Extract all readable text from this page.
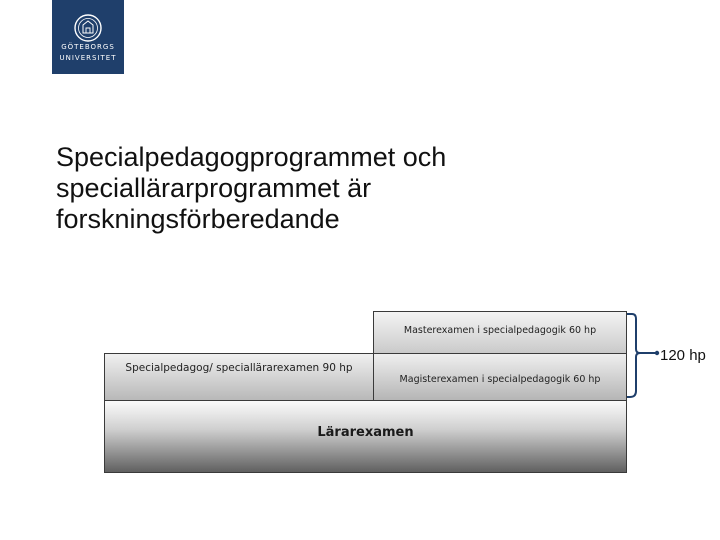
GÖTEBORGS
UNIVERSITET
Specialpedagogprogrammet och
speciallärarprogrammet är
forskningsförberedande
Masterexamen i specialpedagogik 60 hp
Specialpedagog/ speciallärarexamen 90 hp
Magisterexamen i specialpedagogik 60 hp
Lärarexamen
120 hp
